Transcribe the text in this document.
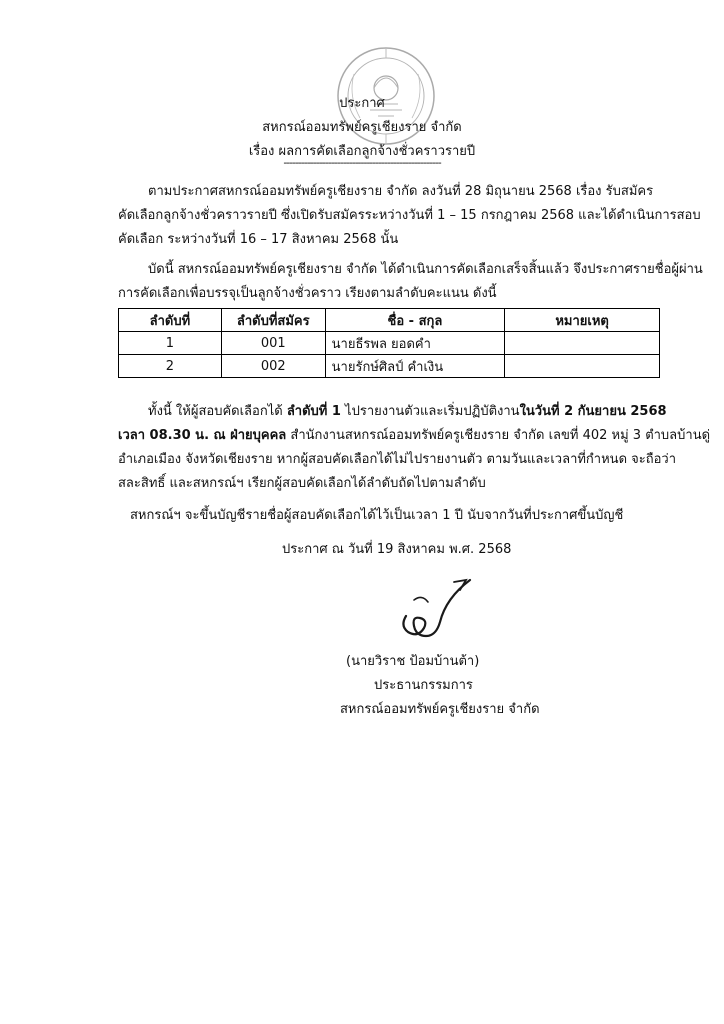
ประกาศ
สหกรณ์ออมทรัพย์ครูเชียงราย จำกัด
เรื่อง ผลการคัดเลือกลูกจ้างชั่วคราวรายปี
-----------------------------------------------------

ตามประกาศสหกรณ์ออมทรัพย์ครูเชียงราย จำกัด ลงวันที่ 28 มิถุนายน 2568 เรื่อง รับสมัคร

คัดเลือกลูกจ้างชั่วคราวรายปี ซึ่งเปิดรับสมัครระหว่างวันที่ 1 – 15 กรกฎาคม 2568 และได้ดำเนินการสอบ

คัดเลือก ระหว่างวันที่ 16 – 17 สิงหาคม 2568 นั้น

บัดนี้ สหกรณ์ออมทรัพย์ครูเชียงราย จำกัด ได้ดำเนินการคัดเลือกเสร็จสิ้นแล้ว จึงประกาศรายชื่อผู้ผ่าน

การคัดเลือกเพื่อบรรจุเป็นลูกจ้างชั่วคราว เรียงตามลำดับคะแนน ดังนี้

ลำดับที่	ลำดับที่สมัคร	ชื่อ - สกุล	หมายเหตุ
1	001	นายธีรพล ยอดคำ	
2	002	นายรักษ์ศิลป์ คำเงิน	

ทั้งนี้ ให้ผู้สอบคัดเลือกได้ ลำดับที่ 1 ไปรายงานตัวและเริ่มปฏิบัติงานในวันที่ 2 กันยายน 2568

เวลา 08.30 น. ณ ฝ่ายบุคคล สำนักงานสหกรณ์ออมทรัพย์ครูเชียงราย จำกัด เลขที่ 402 หมู่ 3 ตำบลบ้านดู่

อำเภอเมือง จังหวัดเชียงราย หากผู้สอบคัดเลือกได้ไม่ไปรายงานตัว ตามวันและเวลาที่กำหนด จะถือว่า

สละสิทธิ์ และสหกรณ์ฯ เรียกผู้สอบคัดเลือกได้ลำดับถัดไปตามลำดับ

สหกรณ์ฯ จะขึ้นบัญชีรายชื่อผู้สอบคัดเลือกได้ไว้เป็นเวลา 1 ปี นับจากวันที่ประกาศขึ้นบัญชี

ประกาศ ณ วันที่ 19 สิงหาคม พ.ศ. 2568
(นายวิราช ป้อมบ้านต้า)
ประธานกรรมการ
สหกรณ์ออมทรัพย์ครูเชียงราย จำกัด
